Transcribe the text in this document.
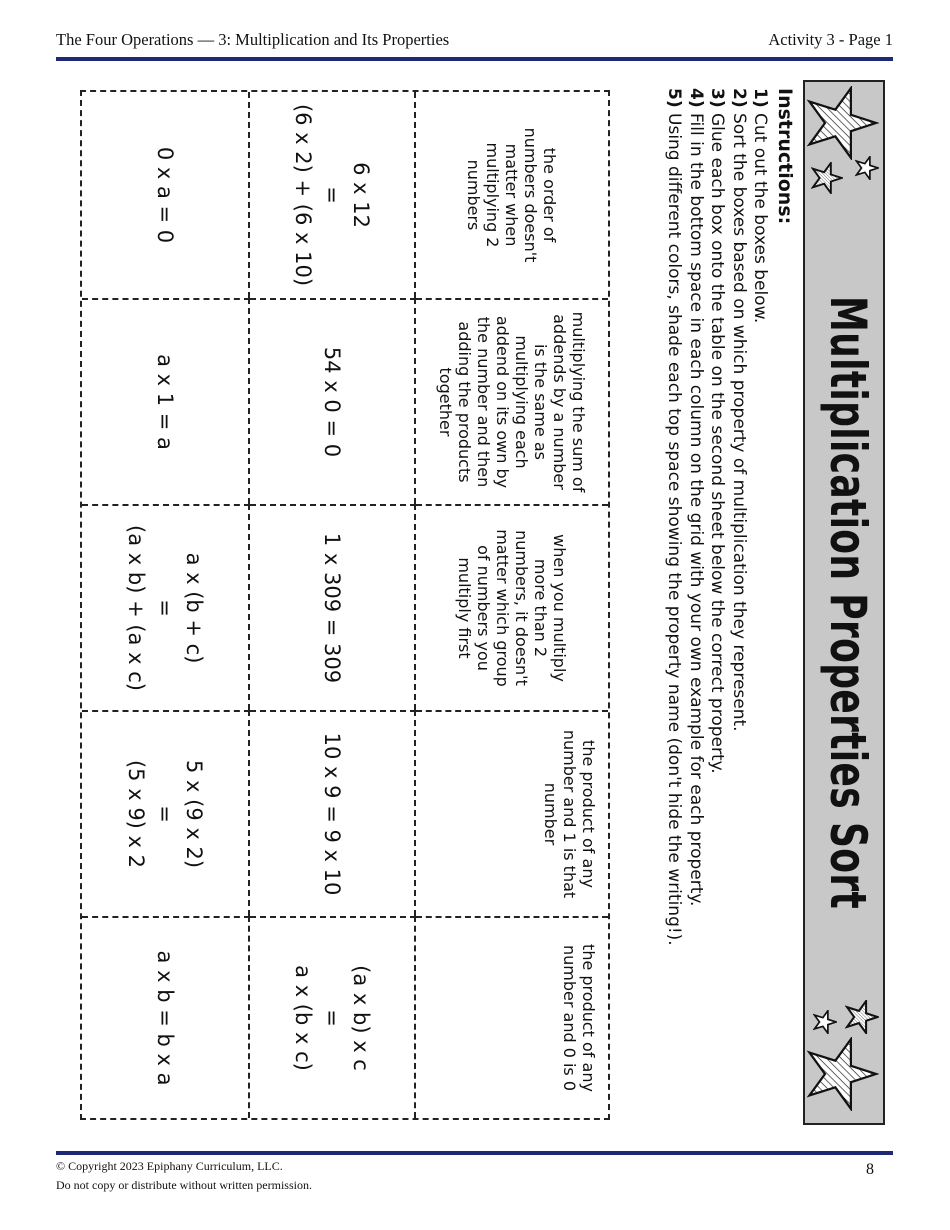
The Four Operations — 3: Multiplication and Its Properties	Activity 3 - Page 1
Multiplication Properties Sort
Instructions:
1) Cut out the boxes below.
2) Sort the boxes based on which property of multiplication they represent.
3) Glue each box onto the table on the second sheet below the correct property.
4) Fill in the bottom space in each column on the grid with your own example for each property.
5) Using different colors, shade each top space showing the property name (don't hide the writing!).
the order of numbers doesn't matter when multiplying 2 numbers
multiplying the sum of addends by a number is the same as multiplying each addend on its own by the number and then adding the products together
when you multiply more than 2 numbers, it doesn't matter which group of numbers you multiply first
the product of any number and 1 is that number
the product of any number and 0 is 0
6 x 12
=
(6 x 2) + (6 x 10)
54 x 0 = 0
1 x 309 = 309
10 x 9 = 9 x 10
(a x b) x c
=
a x (b x c)
0 x a = 0
a x 1 = a
a x (b + c)
=
(a x b) + (a x c)
5 x (9 x 2)
=
(5 x 9) x 2
a x b = b x a
© Copyright 2023 Epiphany Curriculum, LLC.
Do not copy or distribute without written permission.
8
